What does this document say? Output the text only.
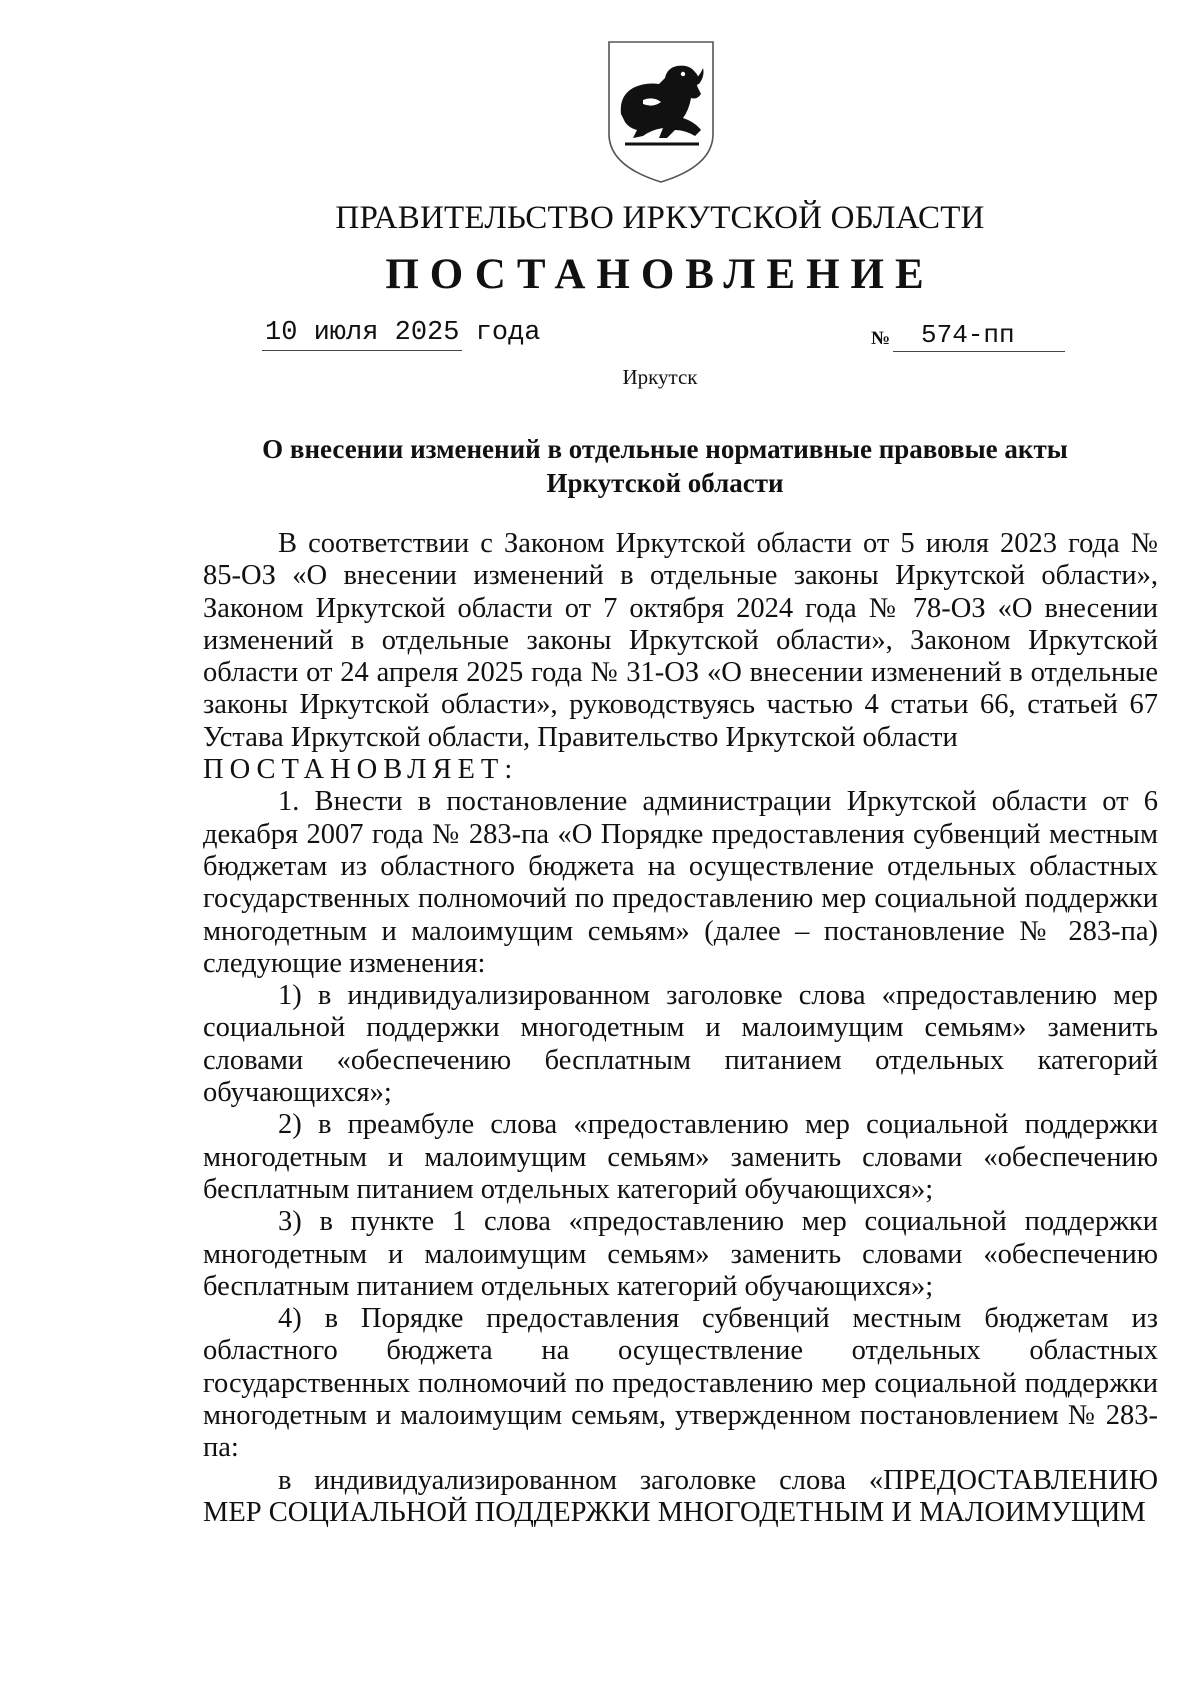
ПРАВИТЕЛЬСТВО ИРКУТСКОЙ ОБЛАСТИ
ПОСТАНОВЛЕНИЕ
10 июля 2025 года	№ 574-пп
Иркутск
О внесении изменений в отдельные нормативные правовые акты Иркутской области

В соответствии с Законом Иркутской области от 5 июля 2023 года № 85-ОЗ «О внесении изменений в отдельные законы Иркутской области», Законом Иркутской области от 7 октября 2024 года № 78-ОЗ «О внесении изменений в отдельные законы Иркутской области», Законом Иркутской области от 24 апреля 2025 года № 31-ОЗ «О внесении изменений в отдельные законы Иркутской области», руководствуясь частью 4 статьи 66, статьей 67 Устава Иркутской области, Правительство Иркутской области

ПОСТАНОВЛЯЕТ:

1. Внести в постановление администрации Иркутской области от 6 декабря 2007 года № 283-па «О Порядке предоставления субвенций местным бюджетам из областного бюджета на осуществление отдельных областных государственных полномочий по предоставлению мер социальной поддержки многодетным и малоимущим семьям» (далее – постановление № 283-па) следующие изменения:

1) в индивидуализированном заголовке слова «предоставлению мер социальной поддержки многодетным и малоимущим семьям» заменить словами «обеспечению бесплатным питанием отдельных категорий обучающихся»;

2) в преамбуле слова «предоставлению мер социальной поддержки многодетным и малоимущим семьям» заменить словами «обеспечению бесплатным питанием отдельных категорий обучающихся»;

3) в пункте 1 слова «предоставлению мер социальной поддержки многодетным и малоимущим семьям» заменить словами «обеспечению бесплатным питанием отдельных категорий обучающихся»;

4) в Порядке предоставления субвенций местным бюджетам из областного бюджета на осуществление отдельных областных государственных полномочий по предоставлению мер социальной поддержки многодетным и малоимущим семьям, утвержденном постановлением № 283-па:

в индивидуализированном заголовке слова «ПРЕДОСТАВЛЕНИЮ МЕР СОЦИАЛЬНОЙ ПОДДЕРЖКИ МНОГОДЕТНЫМ И МАЛОИМУЩИМ
